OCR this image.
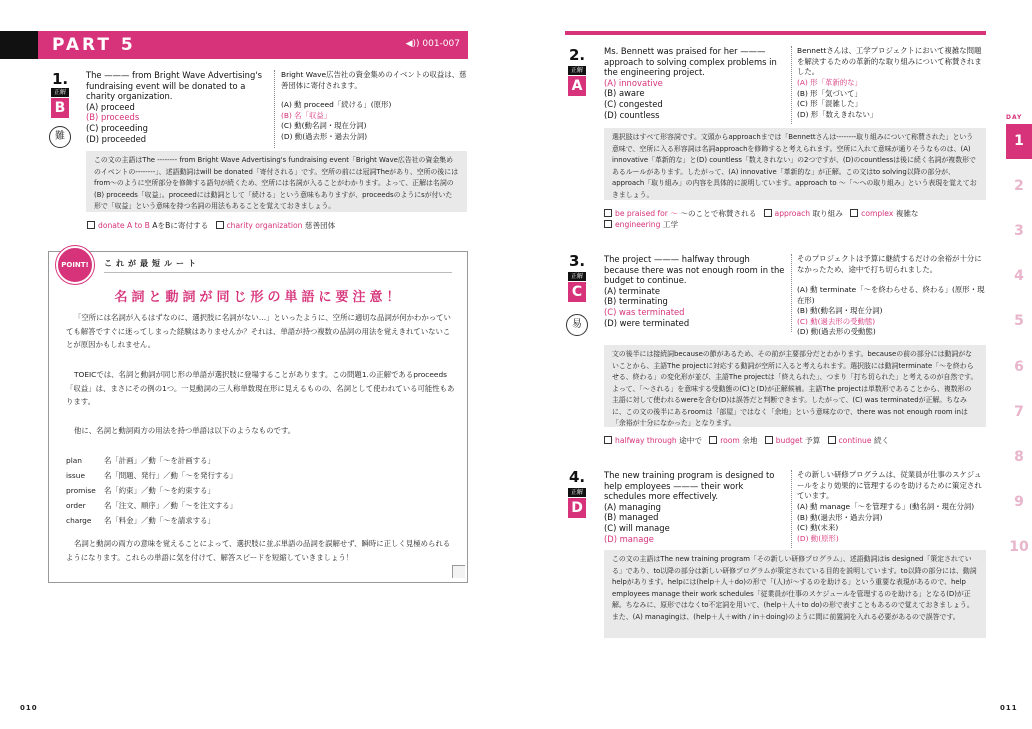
PART 5	◀)) 001-007
1.
正解
B
難
The ——— from Bright Wave Advertising's fundraising event will be donated to a charity organization.
(A) proceed
(B) proceeds
(C) proceeding
(D) proceeded
Bright Wave広告社の資金集めのイベントの収益は、慈善団体に寄付されます。
(A) 動 proceed「続ける」(原形)
(B) 名「収益」
(C) 動(動名詞・現在分詞)
(D) 動(過去形・過去分詞)
この文の主語はThe -------- from Bright Wave Advertising's fundraising event「Bright Wave広告社の資金集めのイベントの--------」、述語動詞はwill be donated「寄付される」です。空所の前には冠詞Theがあり、空所の後にはfrom〜のように空所部分を修飾する語句が続くため、空所には名詞が入ることがわかります。よって、正解は名詞の(B) proceeds「収益」。proceedには動詞として「続ける」という意味もありますが、proceedsのようにsが付いた形で「収益」という意味を持つ名詞の用法もあることを覚えておきましょう。
donate A to B AをBに寄付する charity organization 慈善団体
POINT!	これが最短ルート
名詞と動詞が同じ形の単語に要注意！
「空所には名詞が入るはずなのに、選択肢に名詞がない…」といったように、空所に適切な品詞が何かわかっていても解答ですぐに迷ってしまった経験はありませんか？それは、単語が持つ複数の品詞の用法を覚えきれていないことが原因かもしれません。
TOEICでは、名詞と動詞が同じ形の単語が選択肢に登場することがあります。この問題1.の正解であるproceeds「収益」は、まさにその例の1つ。一見動詞の三人称単数現在形に見えるものの、名詞として使われている可能性もあります。
他に、名詞と動詞両方の用法を持つ単語は以下のようなものです。
plan	名「計画」／動「〜を計画する」
issue	名「問題、発行」／動「〜を発行する」
promise 名「約束」／動「〜を約束する」
order 名「注文、順序」／動「〜を注文する」
charge 名「料金」／動「〜を請求する」
名詞と動詞の両方の意味を覚えることによって、選択肢に並ぶ単語の品詞を誤解せず、瞬時に正しく見極められるようになります。これらの単語に気を付けて、解答スピードを短縮していきましょう！
010
2.
正解
A
Ms. Bennett was praised for her ——— approach to solving complex problems in the engineering project.
(A) innovative
(B) aware
(C) congested
(D) countless
Bennettさんは、工学プロジェクトにおいて複雑な問題を解決するための革新的な取り組みについて称賛されました。
(A) 形「革新的な」
(B) 形「気づいて」
(C) 形「混雑した」
(D) 形「数えきれない」
選択肢はすべて形容詞です。文頭からapproachまでは「Bennettさんは--------取り組みについて称賛された」という意味で、空所に入る形容詞は名詞approachを修飾すると考えられます。空所に入れて意味が通りそうなものは、(A) innovative「革新的な」と(D) countless「数えきれない」の2つですが、(D)のcountlessは後に続く名詞が複数形であるルールがあります。したがって、(A) innovative「革新的な」が正解。この文はto solving以降の部分が、approach「取り組み」の内容を具体的に説明しています。approach to 〜「〜への取り組み」という表現を覚えておきましょう。
be praised for 〜 〜のことで称賛される approach 取り組み complex 複雑な
engineering 工学
3.
正解
C
易
The project ——— halfway through because there was not enough room in the budget to continue.
(A) terminate
(B) terminating
(C) was terminated
(D) were terminated
そのプロジェクトは予算に継続するだけの余裕が十分になかったため、途中で打ち切られました。
(A) 動 terminate「〜を終わらせる、終わる」(原形・現在形)
(B) 動(動名詞・現在分詞)
(C) 動(過去形の受動態)
(D) 動(過去形の受動態)
文の後半には接続詞becauseの節があるため、その前が主要部分だとわかります。becauseの前の部分には動詞がないことから、主語The projectに対応する動詞が空所に入ると考えられます。選択肢には動詞terminate「〜を終わらせる、終わる」の変化形が並び、主語The projectは「終えられた」、つまり「打ち切られた」と考えるのが自然です。よって、「〜される」を意味する受動態の(C)と(D)が正解候補。主語The projectは単数形であることから、複数形の主語に対して使われるwereを含む(D)は誤答だと判断できます。したがって、(C) was terminatedが正解。ちなみに、この文の後半にあるroomは「部屋」ではなく「余地」という意味なので、there was not enough room inは「余裕が十分になかった」となります。
halfway through 途中で room 余地 budget 予算 continue 続く
4.
正解
D
The new training program is designed to help employees ——— their work schedules more effectively.
(A) managing
(B) managed
(C) will manage
(D) manage
その新しい研修プログラムは、従業員が仕事のスケジュールをより効果的に管理するのを助けるために策定されています。
(A) 動 manage「〜を管理する」(動名詞・現在分詞)
(B) 動(過去形・過去分詞)
(C) 動(未来)
(D) 動(原形)
この文の主語はThe new training program「その新しい研修プログラム」、述語動詞はis designed「策定されている」であり、to以降の部分は新しい研修プログラムが策定されている目的を説明しています。to以降の部分には、動詞helpがあります。helpには(help＋人＋do)の形で「(人)が〜するのを助ける」という重要な表現があるので、help employees manage their work schedules「従業員が仕事のスケジュールを管理するのを助ける」となる(D)が正解。ちなみに、原形ではなくto不定詞を用いて、(help＋人＋to do)の形で表すこともあるので覚えておきましょう。また、(A) managingは、(help＋人＋with / in＋doing)のように間に前置詞を入れる必要があるので誤答です。
DAY
1
2
3
4
5
6
7
8
9
10
011
